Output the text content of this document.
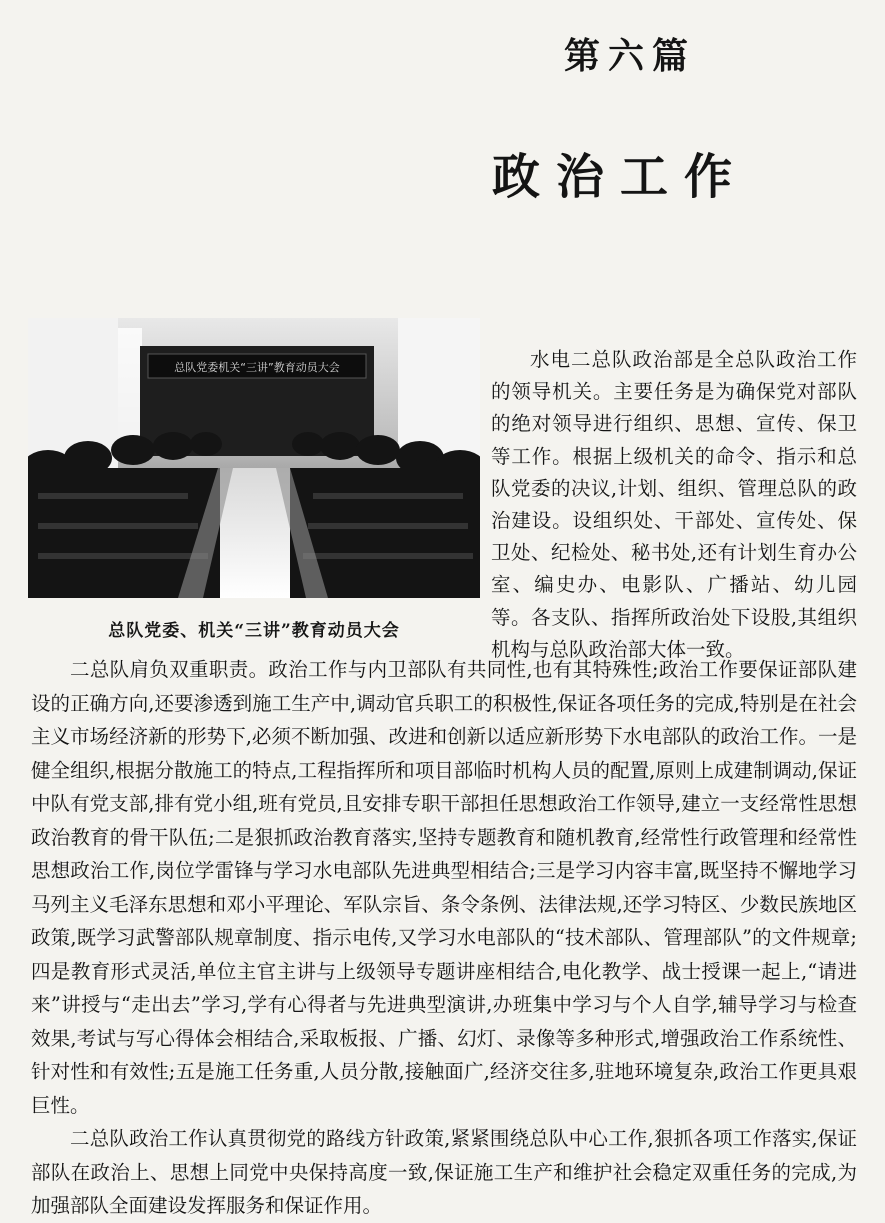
第六篇
政治工作
总队党委机关“三讲”教育动员大会
总队党委、机关“三讲”教育动员大会

水电二总队政治部是全总队政治工作的领导机关。主要任务是为确保党对部队的绝对领导进行组织、思想、宣传、保卫等工作。根据上级机关的命令、指示和总队党委的决议,计划、组织、管理总队的政治建设。设组织处、干部处、宣传处、保卫处、纪检处、秘书处,还有计划生育办公室、编史办、电影队、广播站、幼儿园等。各支队、指挥所政治处下设股,其组织机构与总队政治部大体一致。

二总队肩负双重职责。政治工作与内卫部队有共同性,也有其特殊性;政治工作要保证部队建设的正确方向,还要渗透到施工生产中,调动官兵职工的积极性,保证各项任务的完成,特别是在社会主义市场经济新的形势下,必须不断加强、改进和创新以适应新形势下水电部队的政治工作。一是健全组织,根据分散施工的特点,工程指挥所和项目部临时机构人员的配置,原则上成建制调动,保证中队有党支部,排有党小组,班有党员,且安排专职干部担任思想政治工作领导,建立一支经常性思想政治教育的骨干队伍;二是狠抓政治教育落实,坚持专题教育和随机教育,经常性行政管理和经常性思想政治工作,岗位学雷锋与学习水电部队先进典型相结合;三是学习内容丰富,既坚持不懈地学习马列主义毛泽东思想和邓小平理论、军队宗旨、条令条例、法律法规,还学习特区、少数民族地区政策,既学习武警部队规章制度、指示电传,又学习水电部队的“技术部队、管理部队”的文件规章;四是教育形式灵活,单位主官主讲与上级领导专题讲座相结合,电化教学、战士授课一起上,“请进来”讲授与“走出去”学习,学有心得者与先进典型演讲,办班集中学习与个人自学,辅导学习与检查效果,考试与写心得体会相结合,采取板报、广播、幻灯、录像等多种形式,增强政治工作系统性、针对性和有效性;五是施工任务重,人员分散,接触面广,经济交往多,驻地环境复杂,政治工作更具艰巨性。

二总队政治工作认真贯彻党的路线方针政策,紧紧围绕总队中心工作,狠抓各项工作落实,保证部队在政治上、思想上同党中央保持高度一致,保证施工生产和维护社会稳定双重任务的完成,为加强部队全面建设发挥服务和保证作用。
